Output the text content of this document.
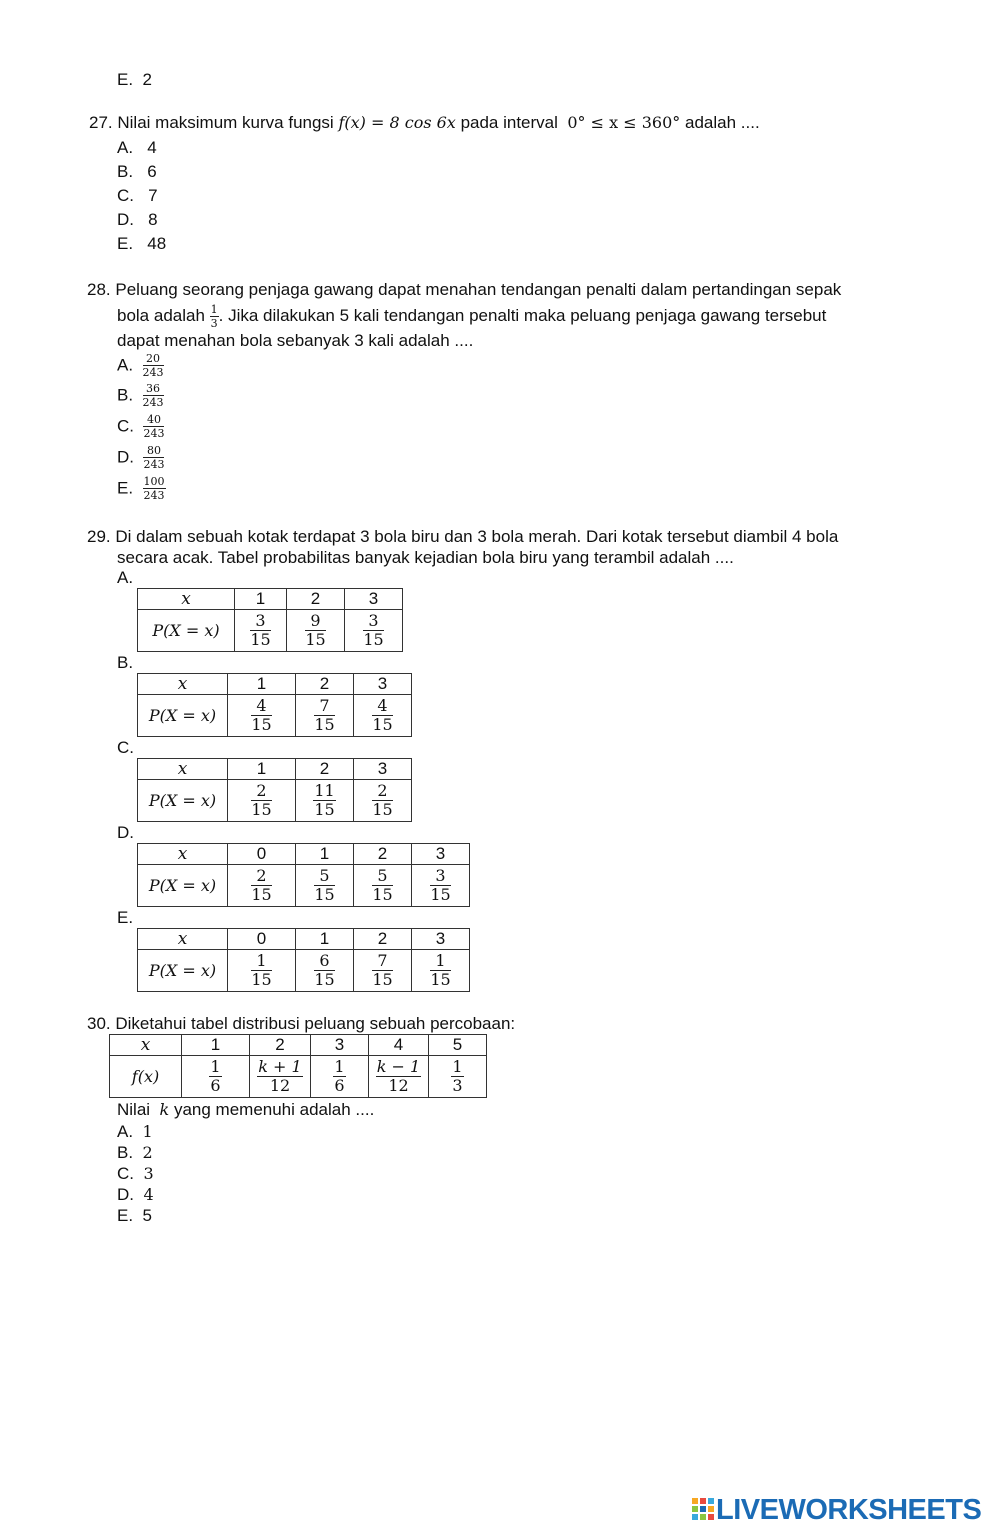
E. 2
27. Nilai maksimum kurva fungsi f(x) = 8 cos 6x pada interval 0° ≤ x ≤ 360° adalah ....
A. 4
B. 6
C. 7
D. 8
E. 48
28. Peluang seorang penjaga gawang dapat menahan tendangan penalti dalam pertandingan sepak
bola adalah $\frac{1}{3}$ . Jika dilakukan 5 kali tendangan penalti maka peluang penjaga gawang tersebut
dapat menahan bola sebanyak 3 kali adalah ....
A. $\frac{20}{243}$
B. $\frac{36}{243}$
C. $\frac{40}{243}$
D. $\frac{80}{243}$
E. $\frac{100}{243}$
29. Di dalam sebuah kotak terdapat 3 bola biru dan 3 bola merah. Dari kotak tersebut diambil 4 bola
secara acak. Tabel probabilitas banyak kejadian bola biru yang terambil adalah ....
A.
x	1	2	3
P(X = x)	$\frac{3}{15}$	$\frac{9}{15}$	$\frac{3}{15}$
B.
x	1	2	3
P(X = x)	$\frac{4}{15}$	$\frac{7}{15}$	$\frac{4}{15}$
C.
x	1	2	3
P(X = x)	$\frac{2}{15}$	$\frac{11}{15}$	$\frac{2}{15}$
D.
x	0	1	2	3
P(X = x)	$\frac{2}{15}$	$\frac{5}{15}$	$\frac{5}{15}$	$\frac{3}{15}$
E.
x	0	1	2	3
P(X = x)	$\frac{1}{15}$	$\frac{6}{15}$	$\frac{7}{15}$	$\frac{1}{15}$
30. Diketahui tabel distribusi peluang sebuah percobaan:
x	1	2	3	4	5
f(x)	$\frac{1}{6}$	$\frac{k + 1}{12}$	$\frac{1}{6}$	$\frac{k - 1}{12}$	$\frac{1}{3}$
Nilai k yang memenuhi adalah ....
A. 1
B. 2
C. 3
D. 4
E. 5
LIVEWORKSHEETS
